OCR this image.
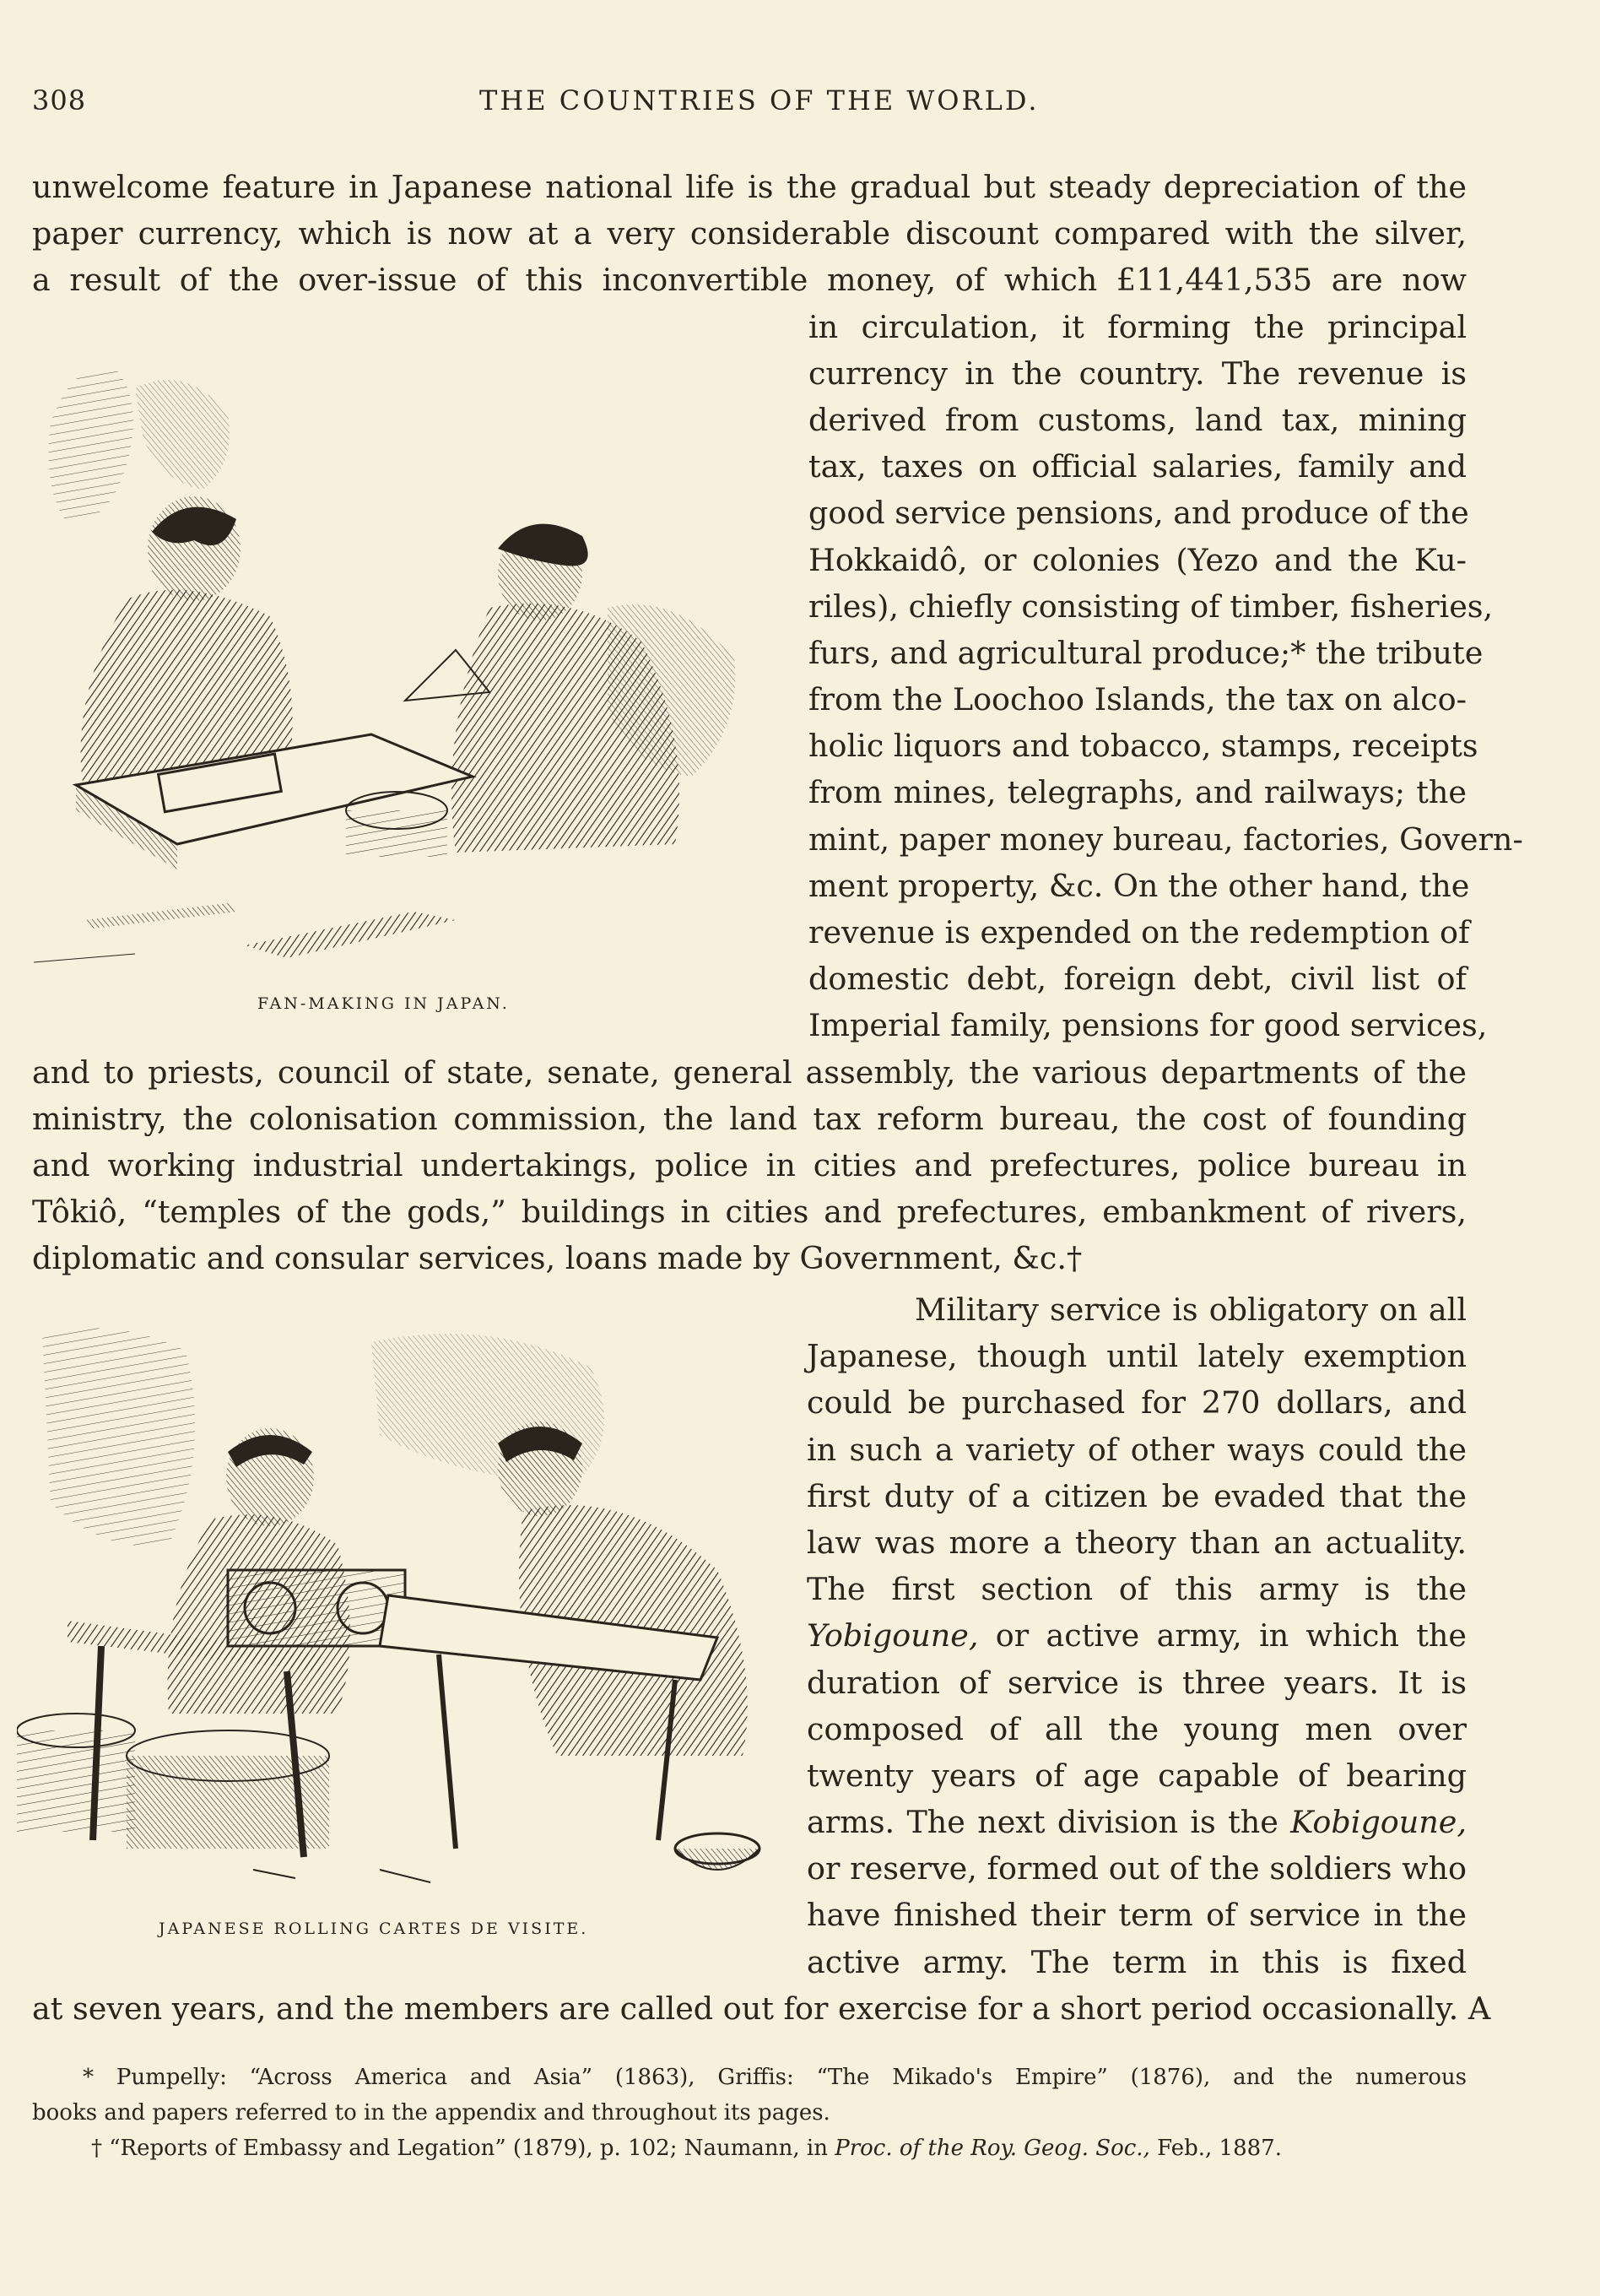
308	THE COUNTRIES OF THE WORLD.
unwelcome feature in Japanese national life is the gradual but steady depreciation of the
paper currency, which is now at a very considerable discount compared with the silver,
a result of the over-issue of this inconvertible money, of which £11,441,535 are now
in circulation, it forming the principal
currency in the country. The revenue is
derived from customs, land tax, mining
tax, taxes on official salaries, family and
good service pensions, and produce of the
Hokkaidô, or colonies (Yezo and the Ku-
riles), chiefly consisting of timber, fisheries,
furs, and agricultural produce;* the tribute
from the Loochoo Islands, the tax on alco-
holic liquors and tobacco, stamps, receipts
from mines, telegraphs, and railways; the
mint, paper money bureau, factories, Govern-
ment property, &c. On the other hand, the
revenue is expended on the redemption of
domestic debt, foreign debt, civil list of
Imperial family, pensions for good services,
and to priests, council of state, senate, general assembly, the various departments of the
ministry, the colonisation commission, the land tax reform bureau, the cost of founding
and working industrial undertakings, police in cities and prefectures, police bureau in
Tôkiô, “temples of the gods,” buildings in cities and prefectures, embankment of rivers,
diplomatic and consular services, loans made by Government, &c.†
Military service is obligatory on all
Japanese, though until lately exemption
could be purchased for 270 dollars, and
in such a variety of other ways could the
first duty of a citizen be evaded that the
law was more a theory than an actuality.
The first section of this army is the
Yobigoune, or active army, in which the
duration of service is three years. It is
composed of all the young men over
twenty years of age capable of bearing
arms. The next division is the Kobigoune,
or reserve, formed out of the soldiers who
have finished their term of service in the
active army. The term in this is fixed
at seven years, and the members are called out for exercise for a short period occasionally. A
FAN-MAKING IN JAPAN.
JAPANESE ROLLING CARTES DE VISITE.
* Pumpelly: “Across America and Asia” (1863), Griffis: “The Mikado's Empire” (1876), and the numerous
books and papers referred to in the appendix and throughout its pages.
† “Reports of Embassy and Legation” (1879), p. 102; Naumann, in Proc. of the Roy. Geog. Soc., Feb., 1887.
